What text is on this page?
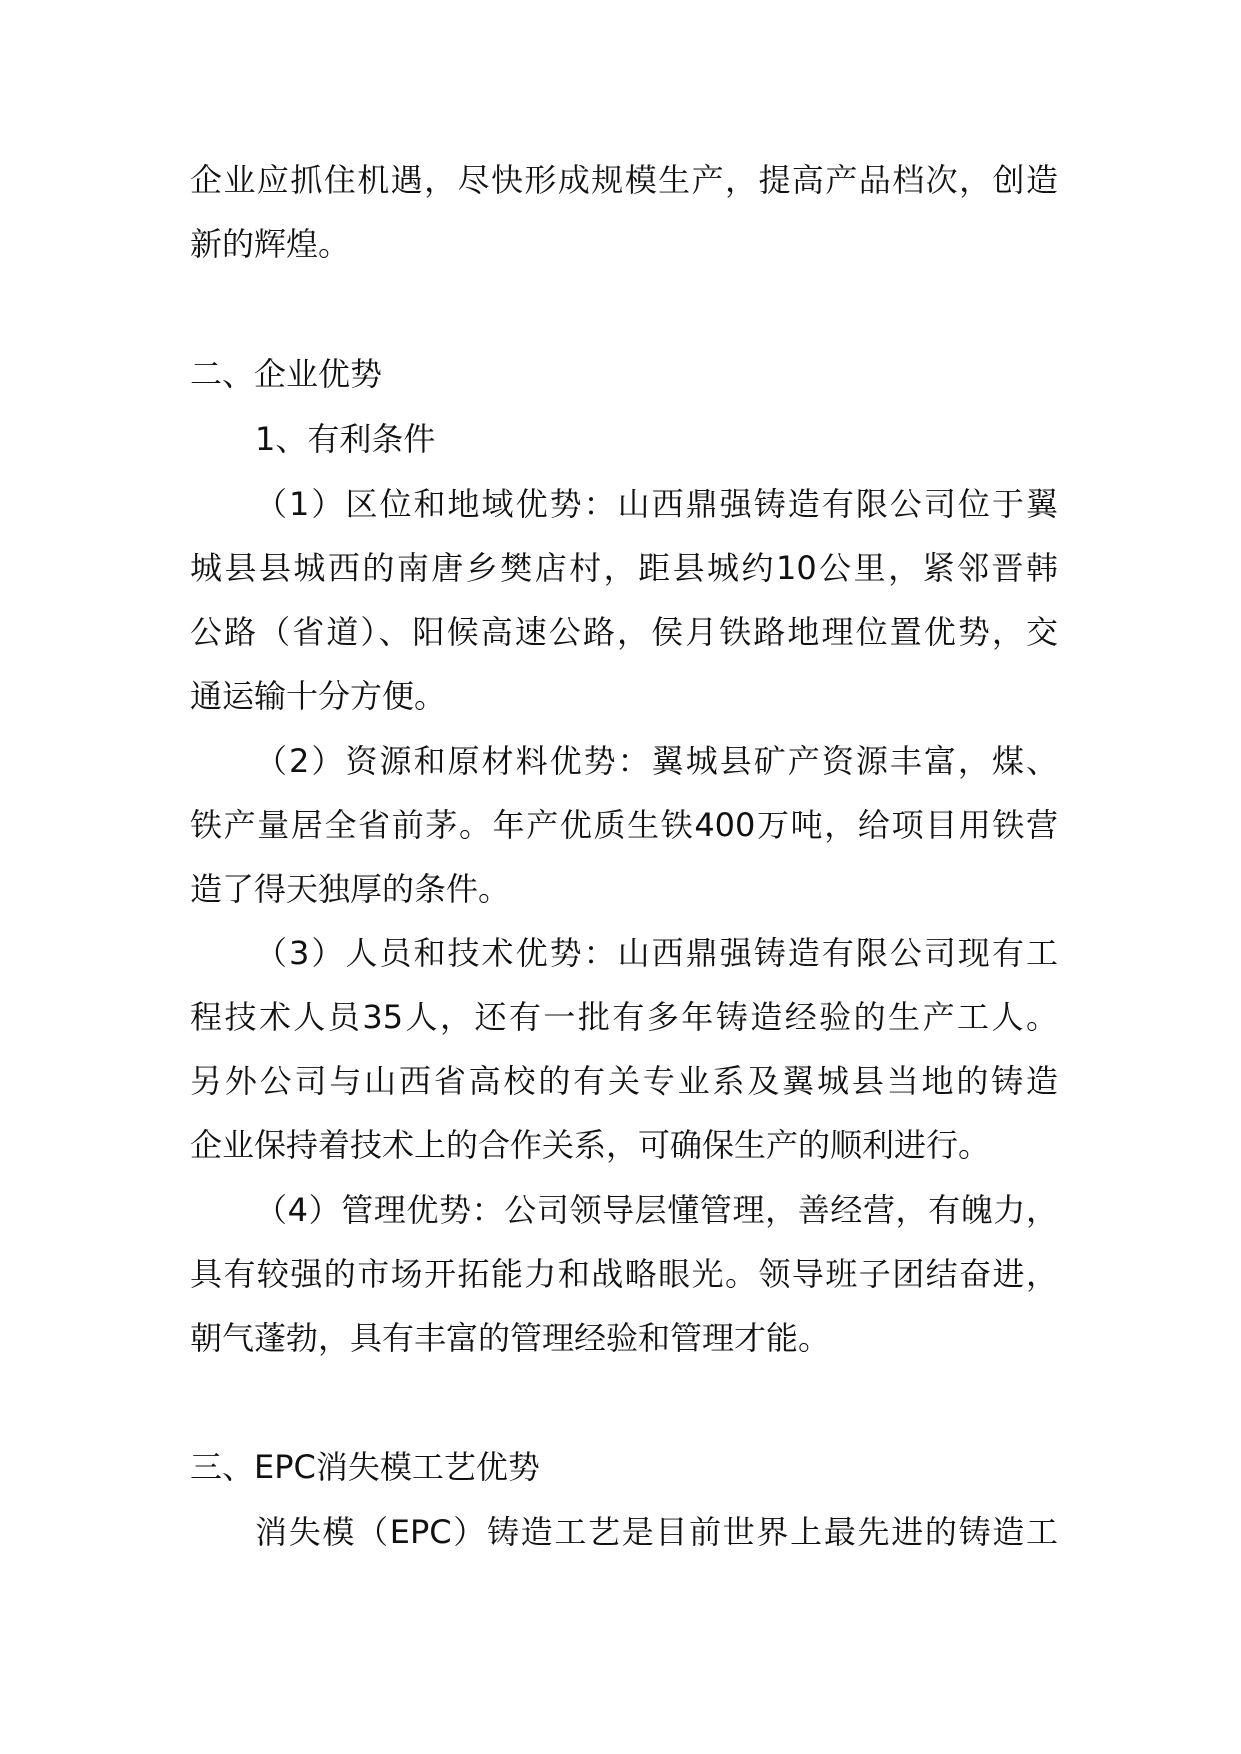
企业应抓住机遇，尽快形成规模生产，提高产品档次，创造
新的辉煌。
二、企业优势
1、有利条件
（1）区位和地域优势：山西鼎强铸造有限公司位于翼
城县县城西的南唐乡樊店村，距县城约10公里，紧邻晋韩
公路（省道）、阳候高速公路，侯月铁路地理位置优势，交
通运输十分方便。
（2）资源和原材料优势：翼城县矿产资源丰富，煤、
铁产量居全省前茅。年产优质生铁400万吨，给项目用铁营
造了得天独厚的条件。
（3）人员和技术优势：山西鼎强铸造有限公司现有工
程技术人员35人，还有一批有多年铸造经验的生产工人。
另外公司与山西省高校的有关专业系及翼城县当地的铸造
企业保持着技术上的合作关系，可确保生产的顺利进行。
（4）管理优势：公司领导层懂管理，善经营，有魄力，
具有较强的市场开拓能力和战略眼光。领导班子团结奋进，
朝气蓬勃，具有丰富的管理经验和管理才能。
三、EPC消失模工艺优势
消失模（EPC）铸造工艺是目前世界上最先进的铸造工
